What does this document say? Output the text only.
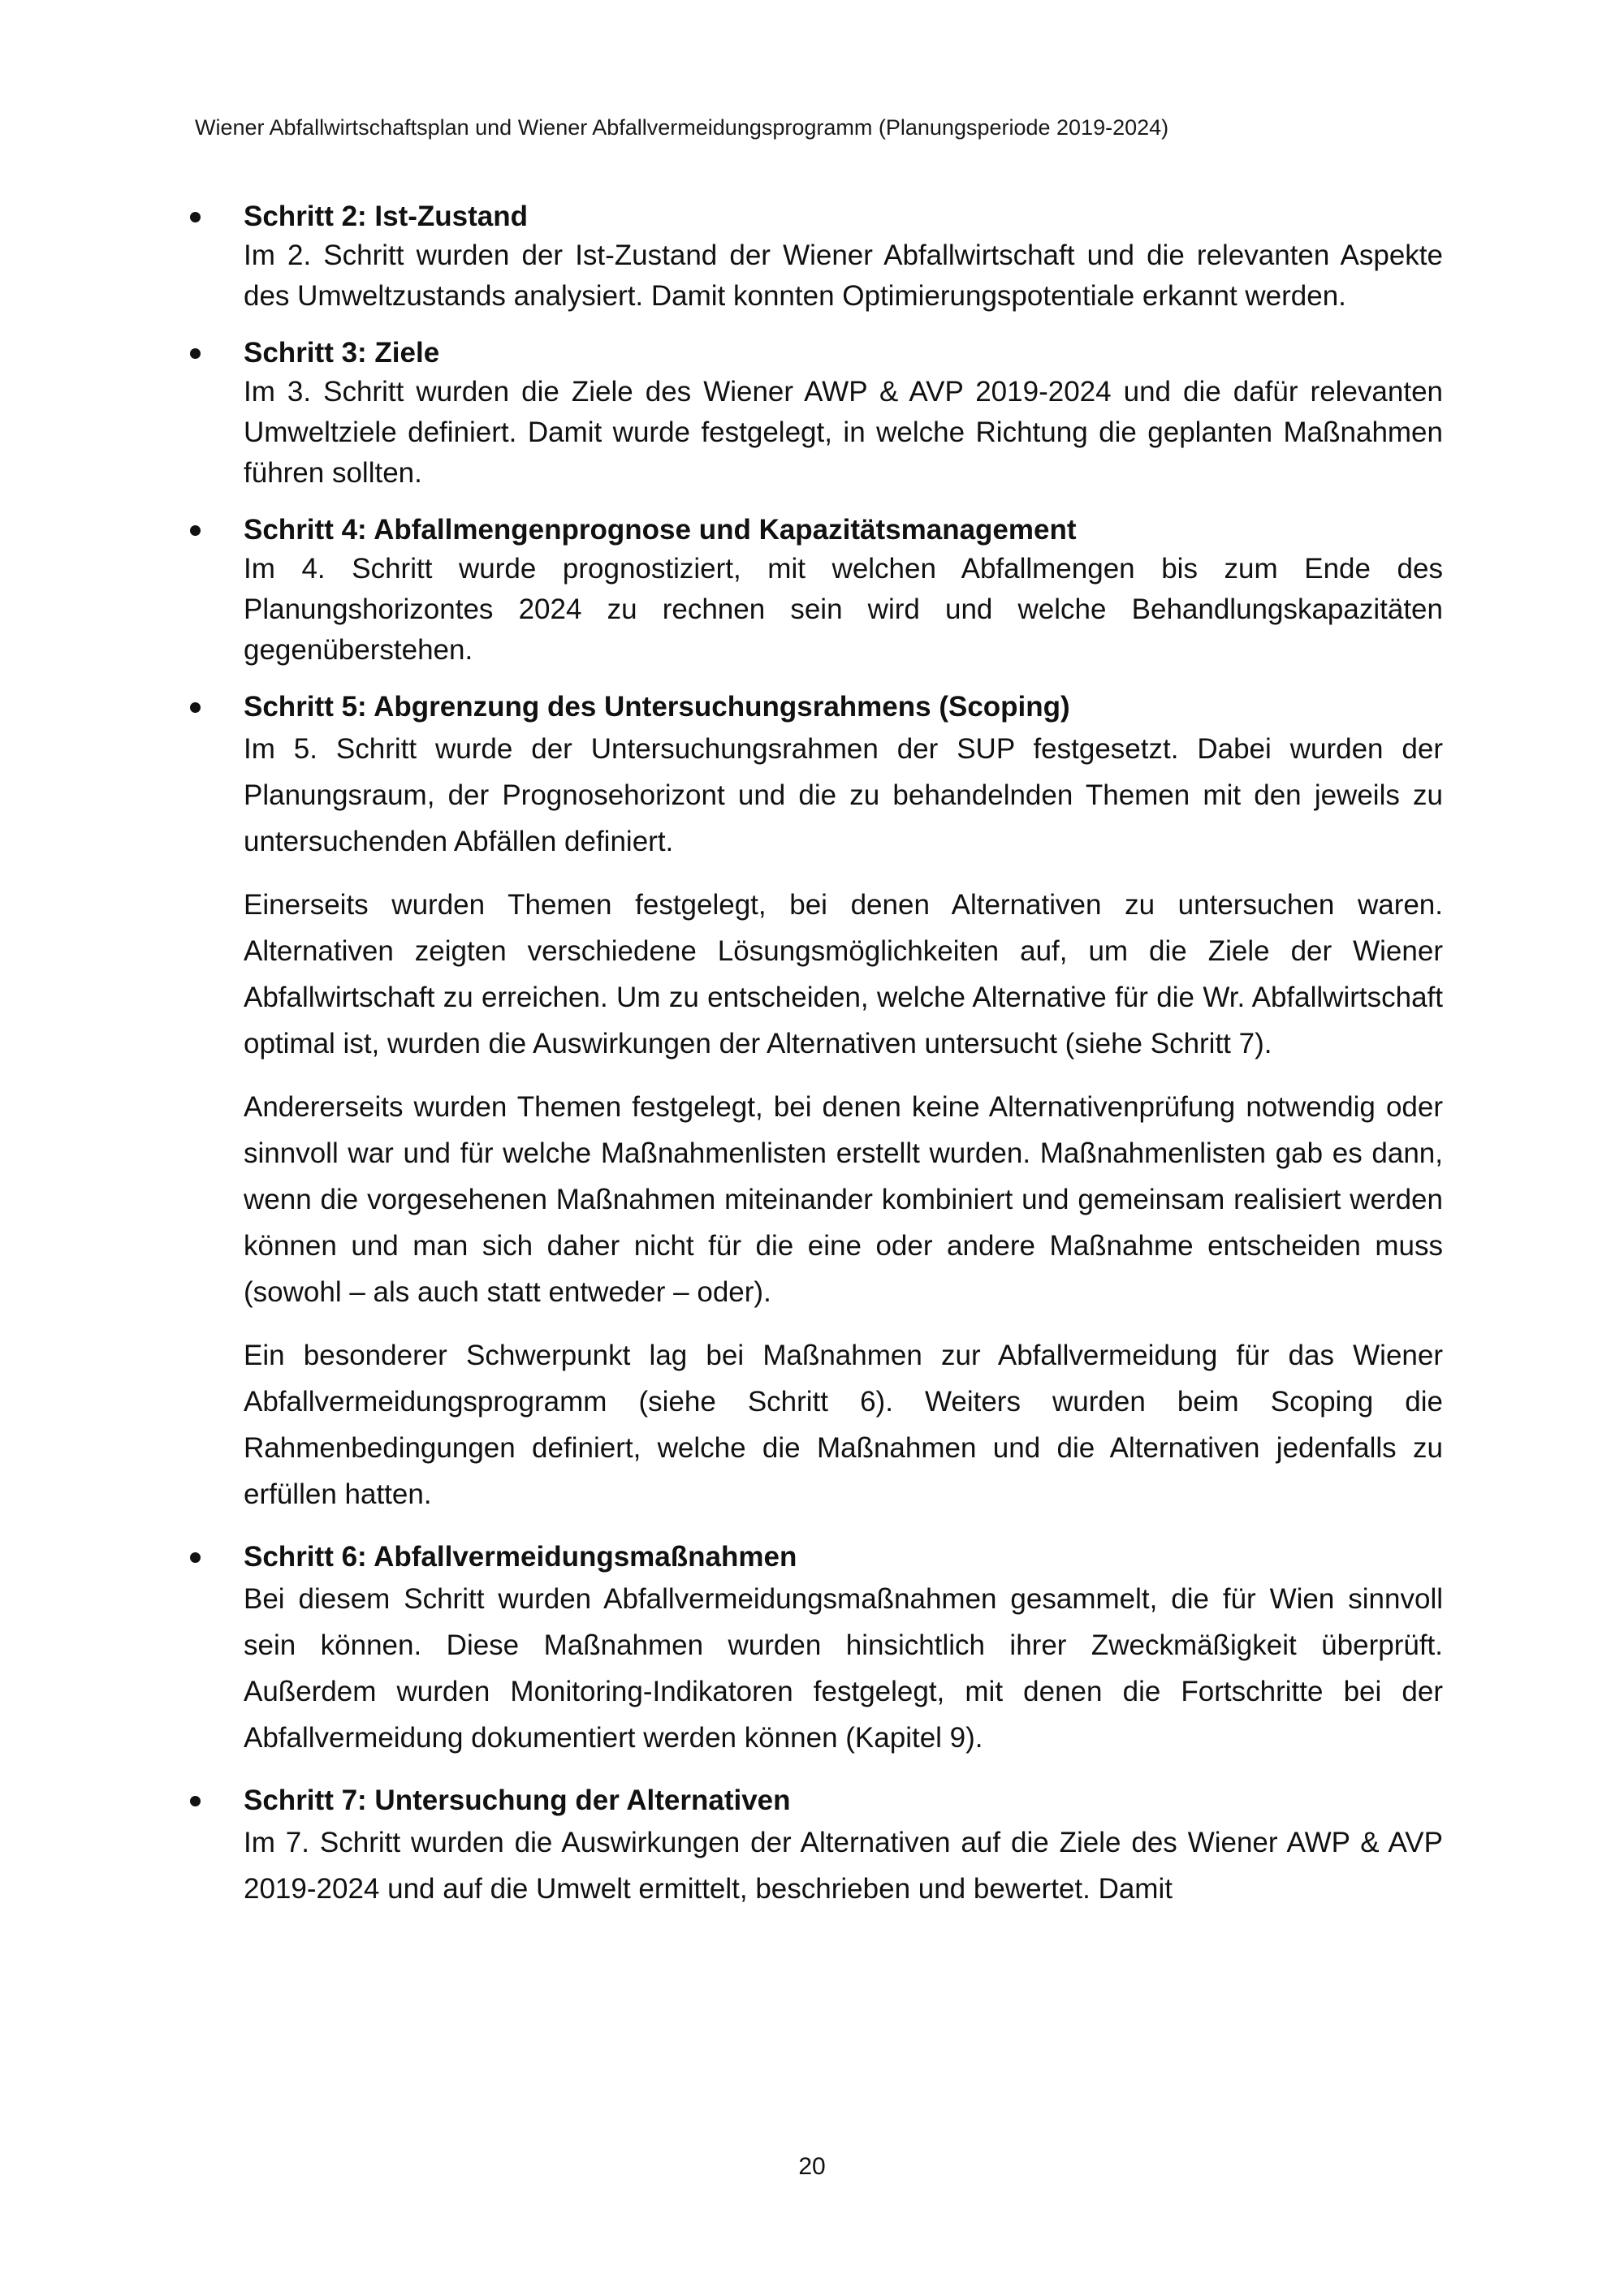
Wiener Abfallwirtschaftsplan und Wiener Abfallvermeidungsprogramm (Planungsperiode 2019-2024)

Schritt 2: Ist-Zustand

Im 2. Schritt wurden der Ist-Zustand der Wiener Abfallwirtschaft und die relevanten Aspekte des Umweltzustands analysiert. Damit konnten Optimierungspotentiale erkannt werden.

Schritt 3: Ziele

Im 3. Schritt wurden die Ziele des Wiener AWP & AVP 2019-2024 und die dafür relevanten Umweltziele definiert. Damit wurde festgelegt, in welche Richtung die geplanten Maßnahmen führen sollten.

Schritt 4: Abfallmengenprognose und Kapazitätsmanagement

Im 4. Schritt wurde prognostiziert, mit welchen Abfallmengen bis zum Ende des Planungshorizontes 2024 zu rechnen sein wird und welche Behandlungskapazitäten gegenüberstehen.

Schritt 5: Abgrenzung des Untersuchungsrahmens (Scoping)

Im 5. Schritt wurde der Untersuchungsrahmen der SUP festgesetzt. Dabei wurden der Planungsraum, der Prognosehorizont und die zu behandelnden Themen mit den jeweils zu untersuchenden Abfällen definiert.

Einerseits wurden Themen festgelegt, bei denen Alternativen zu untersuchen waren. Alternativen zeigten verschiedene Lösungsmöglichkeiten auf, um die Ziele der Wiener Abfallwirtschaft zu erreichen. Um zu entscheiden, welche Alternative für die Wr. Abfallwirtschaft optimal ist, wurden die Auswirkungen der Alternativen untersucht (siehe Schritt 7).

Andererseits wurden Themen festgelegt, bei denen keine Alternativenprüfung notwendig oder sinnvoll war und für welche Maßnahmenlisten erstellt wurden. Maßnahmenlisten gab es dann, wenn die vorgesehenen Maßnahmen miteinander kombiniert und gemeinsam realisiert werden können und man sich daher nicht für die eine oder andere Maßnahme entscheiden muss (sowohl – als auch statt entweder – oder).

Ein besonderer Schwerpunkt lag bei Maßnahmen zur Abfallvermeidung für das Wiener Abfallvermeidungsprogramm (siehe Schritt 6). Weiters wurden beim Scoping die Rahmenbedingungen definiert, welche die Maßnahmen und die Alternativen jedenfalls zu erfüllen hatten.

Schritt 6: Abfallvermeidungsmaßnahmen

Bei diesem Schritt wurden Abfallvermeidungsmaßnahmen gesammelt, die für Wien sinnvoll sein können. Diese Maßnahmen wurden hinsichtlich ihrer Zweckmäßigkeit überprüft. Außerdem wurden Monitoring-Indikatoren festgelegt, mit denen die Fortschritte bei der Abfallvermeidung dokumentiert werden können (Kapitel 9).

Schritt 7: Untersuchung der Alternativen

Im 7. Schritt wurden die Auswirkungen der Alternativen auf die Ziele des Wiener AWP & AVP 2019-2024 und auf die Umwelt ermittelt, beschrieben und bewertet. Damit

20
